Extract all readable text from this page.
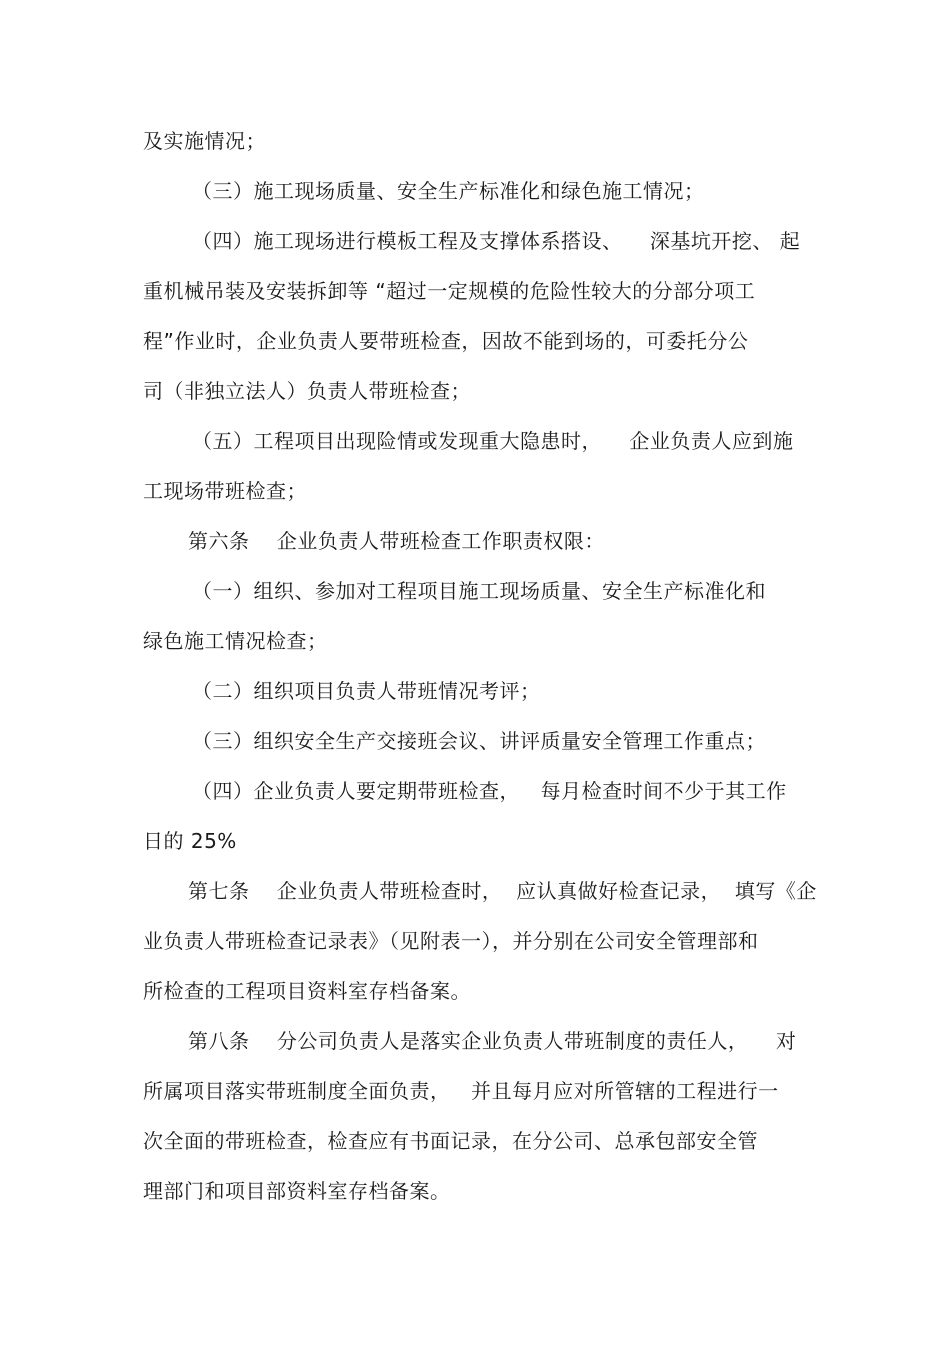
及实施情况；
（三）施工现场质量、安全生产标准化和绿色施工情况；
（四）施工现场进行模板工程及支撑体系搭设、    深基坑开挖、 起
重机械吊装及安装拆卸等 “超过一定规模的危险性较大的分部分项工
程”作业时，企业负责人要带班检查，因故不能到场的，可委托分公
司（非独立法人）负责人带班检查；
（五）工程项目出现险情或发现重大隐患时，    企业负责人应到施
工现场带班检查；
第六条    企业负责人带班检查工作职责权限：
（一）组织、参加对工程项目施工现场质量、安全生产标准化和
绿色施工情况检查；
（二）组织项目负责人带班情况考评；
（三）组织安全生产交接班会议、讲评质量安全管理工作重点；
（四）企业负责人要定期带班检查，   每月检查时间不少于其工作
日的 25%
第七条    企业负责人带班检查时，  应认真做好检查记录，  填写《企
业负责人带班检查记录表》（见附表一），并分别在公司安全管理部和
所检查的工程项目资料室存档备案。
第八条    分公司负责人是落实企业负责人带班制度的责任人，    对
所属项目落实带班制度全面负责，   并且每月应对所管辖的工程进行一
次全面的带班检查，检查应有书面记录，在分公司、总承包部安全管
理部门和项目部资料室存档备案。
